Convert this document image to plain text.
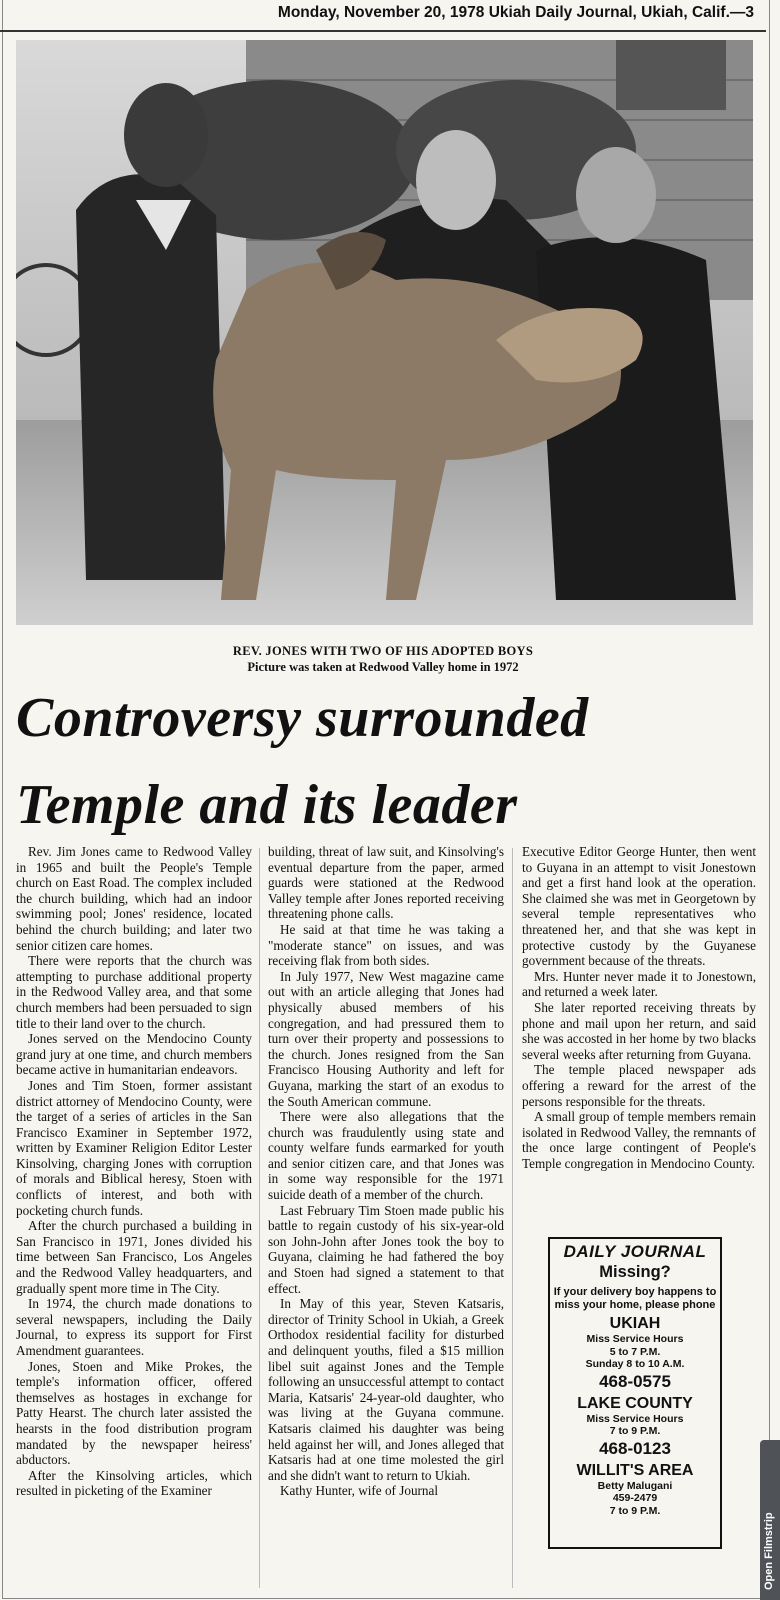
Monday, November 20, 1978 Ukiah Daily Journal, Ukiah, Calif.—3
REV. JONES WITH TWO OF HIS ADOPTED BOYS
Picture was taken at Redwood Valley home in 1972
Controversy surrounded
Temple and its leader

Rev. Jim Jones came to Redwood Valley in 1965 and built the People's Temple church on East Road. The complex included the church building, which had an indoor swimming pool; Jones' residence, located behind the church building; and later two senior citizen care homes.

There were reports that the church was attempting to purchase additional property in the Redwood Valley area, and that some church members had been persuaded to sign title to their land over to the church.

Jones served on the Mendocino County grand jury at one time, and church members became active in humanitarian endeavors.

Jones and Tim Stoen, former assistant district attorney of Mendocino County, were the target of a series of articles in the San Francisco Examiner in September 1972, written by Examiner Religion Editor Lester Kinsolving, charging Jones with corruption of morals and Biblical heresy, Stoen with conflicts of interest, and both with pocketing church funds.

After the church purchased a building in San Francisco in 1971, Jones divided his time between San Francisco, Los Angeles and the Redwood Valley headquarters, and gradually spent more time in The City.

In 1974, the church made donations to several newspapers, including the Daily Journal, to express its support for First Amendment guarantees.

Jones, Stoen and Mike Prokes, the temple's information officer, offered themselves as hostages in exchange for Patty Hearst. The church later assisted the hearsts in the food distribution program mandated by the newspaper heiress' abductors.

After the Kinsolving articles, which resulted in picketing of the Examiner

building, threat of law suit, and Kinsolving's eventual departure from the paper, armed guards were stationed at the Redwood Valley temple after Jones reported receiving threatening phone calls.

He said at that time he was taking a "moderate stance" on issues, and was receiving flak from both sides.

In July 1977, New West magazine came out with an article alleging that Jones had physically abused members of his congregation, and had pressured them to turn over their property and possessions to the church. Jones resigned from the San Francisco Housing Authority and left for Guyana, marking the start of an exodus to the South American commune.

There were also allegations that the church was fraudulently using state and county welfare funds earmarked for youth and senior citizen care, and that Jones was in some way responsible for the 1971 suicide death of a member of the church.

Last February Tim Stoen made public his battle to regain custody of his six-year-old son John-John after Jones took the boy to Guyana, claiming he had fathered the boy and Stoen had signed a statement to that effect.

In May of this year, Steven Katsaris, director of Trinity School in Ukiah, a Greek Orthodox residential facility for disturbed and delinquent youths, filed a $15 million libel suit against Jones and the Temple following an unsuccessful attempt to contact Maria, Katsaris' 24-year-old daughter, who was living at the Guyana commune. Katsaris claimed his daughter was being held against her will, and Jones alleged that Katsaris had at one time molested the girl and she didn't want to return to Ukiah.

Kathy Hunter, wife of Journal

Executive Editor George Hunter, then went to Guyana in an attempt to visit Jonestown and get a first hand look at the operation. She claimed she was met in Georgetown by several temple representatives who threatened her, and that she was kept in protective custody by the Guyanese government because of the threats.

Mrs. Hunter never made it to Jonestown, and returned a week later.

She later reported receiving threats by phone and mail upon her return, and said she was accosted in her home by two blacks several weeks after returning from Guyana.

The temple placed newspaper ads offering a reward for the arrest of the persons responsible for the threats.

A small group of temple members remain isolated in Redwood Valley, the remnants of the once large contingent of People's Temple congregation in Mendocino County.

DAILY JOURNAL
Missing?
If your delivery boy happens to miss your home, please phone
UKIAH
Miss Service Hours
5 to 7 P.M.
Sunday 8 to 10 A.M.
468-0575
LAKE COUNTY
Miss Service Hours
7 to 9 P.M.
468-0123
WILLIT'S AREA
Betty Malugani
459-2479
7 to 9 P.M.
Open Filmstrip
